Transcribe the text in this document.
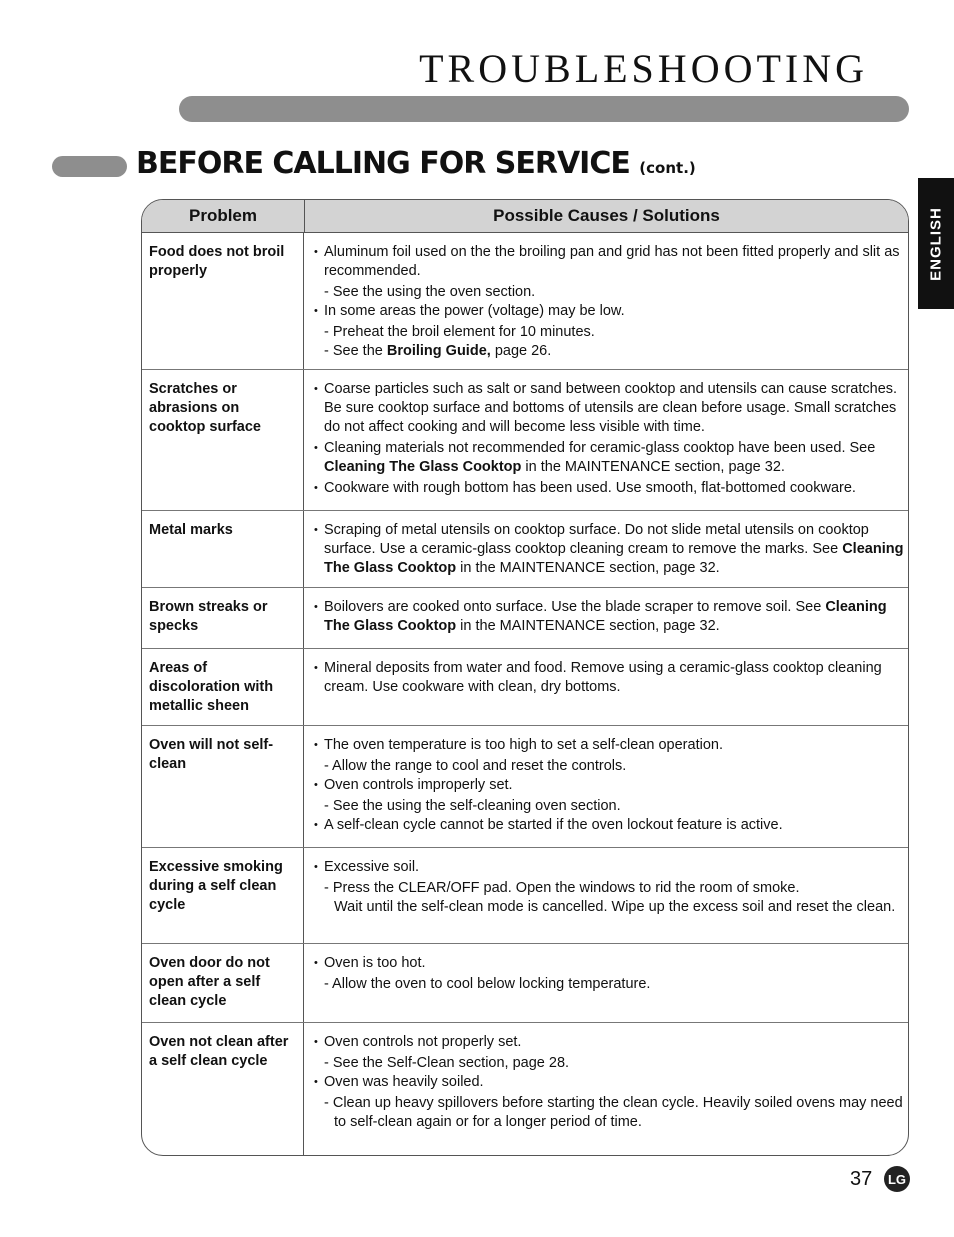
TROUBLESHOOTING
BEFORE CALLING FOR SERVICE (cont.)
ENGLISH
Problem	Possible Causes / Solutions
Food does not broil properly
• Aluminum foil used on the the broiling pan and grid has not been fitted properly and slit as recommended.
- See the using the oven section.
• In some areas the power (voltage) may be low.
- Preheat the broil element for 10 minutes.
- See the Broiling Guide, page 26.
Scratches or abrasions on cooktop surface
• Coarse particles such as salt or sand between cooktop and utensils can cause scratches. Be sure cooktop surface and bottoms of utensils are clean before usage. Small scratches do not affect cooking and will become less visible with time.
• Cleaning materials not recommended for ceramic-glass cooktop have been used. See Cleaning The Glass Cooktop in the MAINTENANCE section, page 32.
• Cookware with rough bottom has been used. Use smooth, flat-bottomed cookware.
Metal marks	• Scraping of metal utensils on cooktop surface. Do not slide metal utensils on cooktop surface. Use a ceramic-glass cooktop cleaning cream to remove the marks. See Cleaning The Glass Cooktop in the MAINTENANCE section, page 32.
Brown streaks or specks
• Boilovers are cooked onto surface. Use the blade scraper to remove soil. See Cleaning The Glass Cooktop in the MAINTENANCE section, page 32.
Areas of discoloration with metallic sheen
• Mineral deposits from water and food. Remove using a ceramic-glass cooktop cleaning cream. Use cookware with clean, dry bottoms.
Oven will not self-clean
• The oven temperature is too high to set a self-clean operation.
- Allow the range to cool and reset the controls.
• Oven controls improperly set.
- See the using the self-cleaning oven section.
• A self-clean cycle cannot be started if the oven lockout feature is active.
Excessive smoking during a self clean cycle
• Excessive soil.
- Press the CLEAR/OFF pad. Open the windows to rid the room of smoke.
Wait until the self-clean mode is cancelled. Wipe up the excess soil and reset the clean.
Oven door do not open after a self clean cycle
• Oven is too hot.
- Allow the oven to cool below locking temperature.
Oven not clean after a self clean cycle
• Oven controls not properly set.
- See the Self-Clean section, page 28.
• Oven was heavily soiled.
- Clean up heavy spillovers before starting the clean cycle. Heavily soiled ovens may need to self-clean again or for a longer period of time.
37 LG
